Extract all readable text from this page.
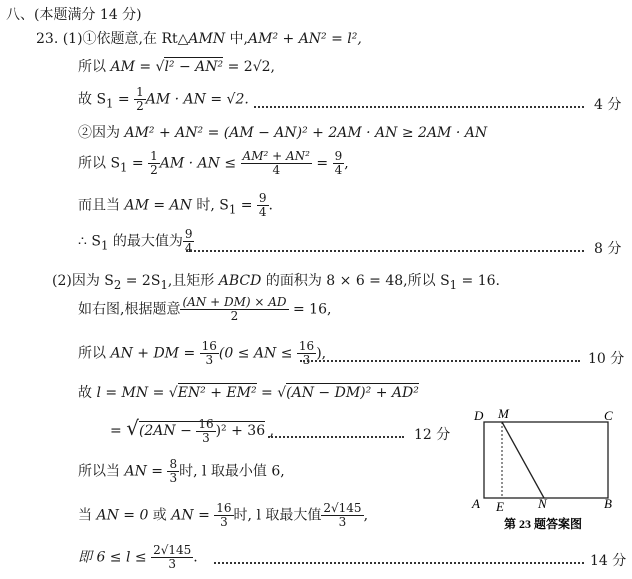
八、(本题满分 14 分)
23. (1)①依题意,在 Rt△AMN 中,AM² + AN² = l²,
所以 AM = √l² − AN² = 2√2,
故 $S_1 = \frac{1}{2}$ AM · AN = √2.	4 分
②因为 AM² + AN² = (AM − AN)² + 2AM · AN ≥ 2AM · AN
所以 $S_1 = \frac{1}{2}$ AM · AN ≤ $\frac{\text{AM² + AN²}}{4} = \frac{9}{4}$ ,
而且当 AM = AN 时, $S_1 = \frac{9}{4}$ .
∴ $S_1$ 的最大值为 $\frac{9}{4}$	8 分
(2)因为 $S_2 = 2S_1$,且矩形 ABCD 的面积为 8 × 6 = 48,所以 $S_1 = 16$.
如右图,根据题意 $\frac{(AN + DM) \times AD}{2} = 16$,
所以 AN + DM = $\frac{16}{3} (0$ ≤ AN ≤ $\frac{16}{3}$ ),	10 分
故 l = MN = √EN² + EM² = √(AN − DM)² + AD²
= $√(2AN - \frac{16}{3} )^2 + 36$ ,	12 分
所以当 AN = $\frac{8}{3}$ 时, l 取最小值 6,
当 AN = 0 或 AN = $\frac{16}{3}$ 时, l 取最大值 $\frac{2√145}{3}$ ,
即 $6 \le l \le \frac{2√145}{3}$ .	14 分
D M	C
A E	N	B
第 23 题答案图
